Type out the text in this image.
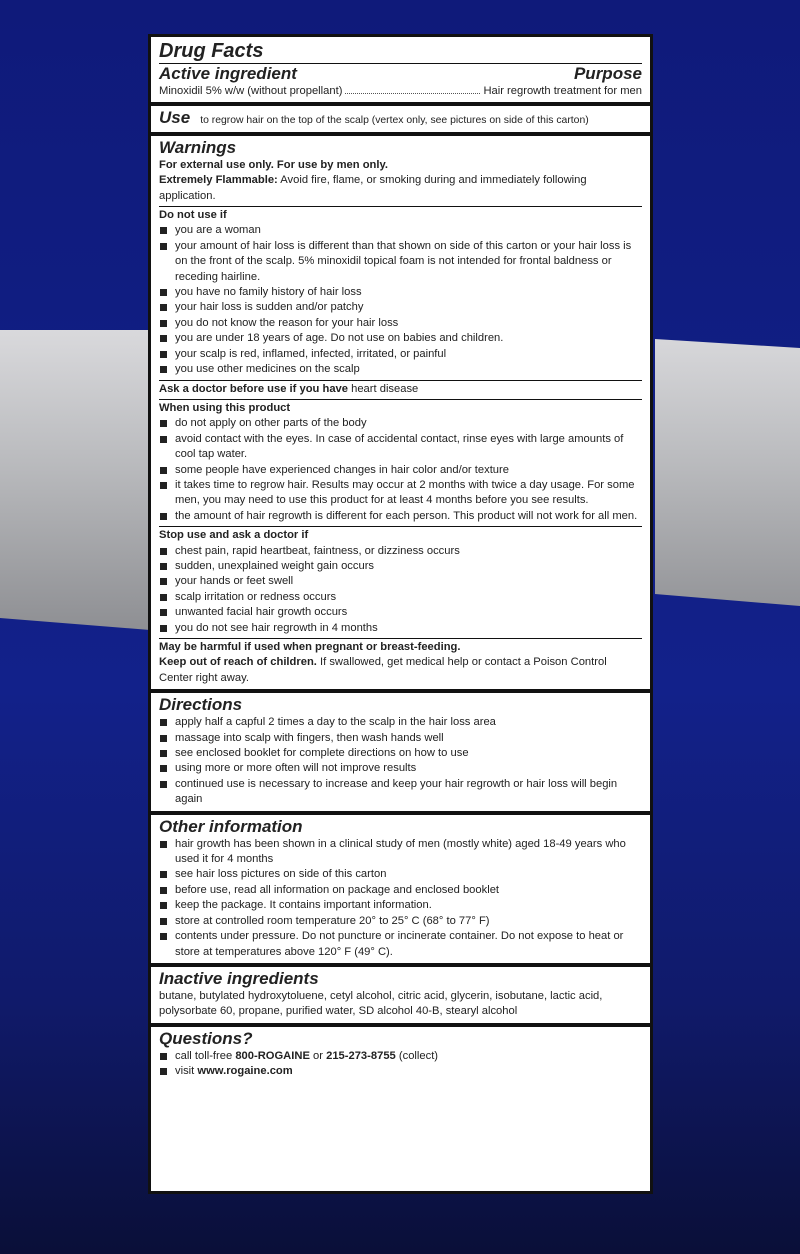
Drug Facts
Active ingredient	Purpose
Minoxidil 5% w/w (without propellant)	Hair regrowth treatment for men
Use to regrow hair on the top of the scalp (vertex only, see pictures on side of this carton)
Warnings
For external use only. For use by men only.
Extremely Flammable: Avoid fire, flame, or smoking during and immediately following application.
Do not use if
you are a woman
your amount of hair loss is different than that shown on side of this carton or your hair loss is on the front of the scalp. 5% minoxidil topical foam is not intended for frontal baldness or receding hairline.
you have no family history of hair loss
your hair loss is sudden and/or patchy
you do not know the reason for your hair loss
you are under 18 years of age. Do not use on babies and children.
your scalp is red, inflamed, infected, irritated, or painful
you use other medicines on the scalp
Ask a doctor before use if you have heart disease
When using this product
do not apply on other parts of the body
avoid contact with the eyes. In case of accidental contact, rinse eyes with large amounts of cool tap water.
some people have experienced changes in hair color and/or texture
it takes time to regrow hair. Results may occur at 2 months with twice a day usage. For some men, you may need to use this product for at least 4 months before you see results.
the amount of hair regrowth is different for each person. This product will not work for all men.
Stop use and ask a doctor if
chest pain, rapid heartbeat, faintness, or dizziness occurs
sudden, unexplained weight gain occurs
your hands or feet swell
scalp irritation or redness occurs
unwanted facial hair growth occurs
you do not see hair regrowth in 4 months
May be harmful if used when pregnant or breast-feeding.
Keep out of reach of children. If swallowed, get medical help or contact a Poison Control Center right away.
Directions
apply half a capful 2 times a day to the scalp in the hair loss area
massage into scalp with fingers, then wash hands well
see enclosed booklet for complete directions on how to use
using more or more often will not improve results
continued use is necessary to increase and keep your hair regrowth or hair loss will begin again
Other information
hair growth has been shown in a clinical study of men (mostly white) aged 18-49 years who used it for 4 months
see hair loss pictures on side of this carton
before use, read all information on package and enclosed booklet
keep the package. It contains important information.
store at controlled room temperature 20° to 25° C (68° to 77° F)
contents under pressure. Do not puncture or incinerate container. Do not expose to heat or store at temperatures above 120° F (49° C).
Inactive ingredients
butane, butylated hydroxytoluene, cetyl alcohol, citric acid, glycerin, isobutane, lactic acid, polysorbate 60, propane, purified water, SD alcohol 40-B, stearyl alcohol
Questions?
call toll-free 800-ROGAINE or 215-273-8755 (collect)
visit www.rogaine.com
